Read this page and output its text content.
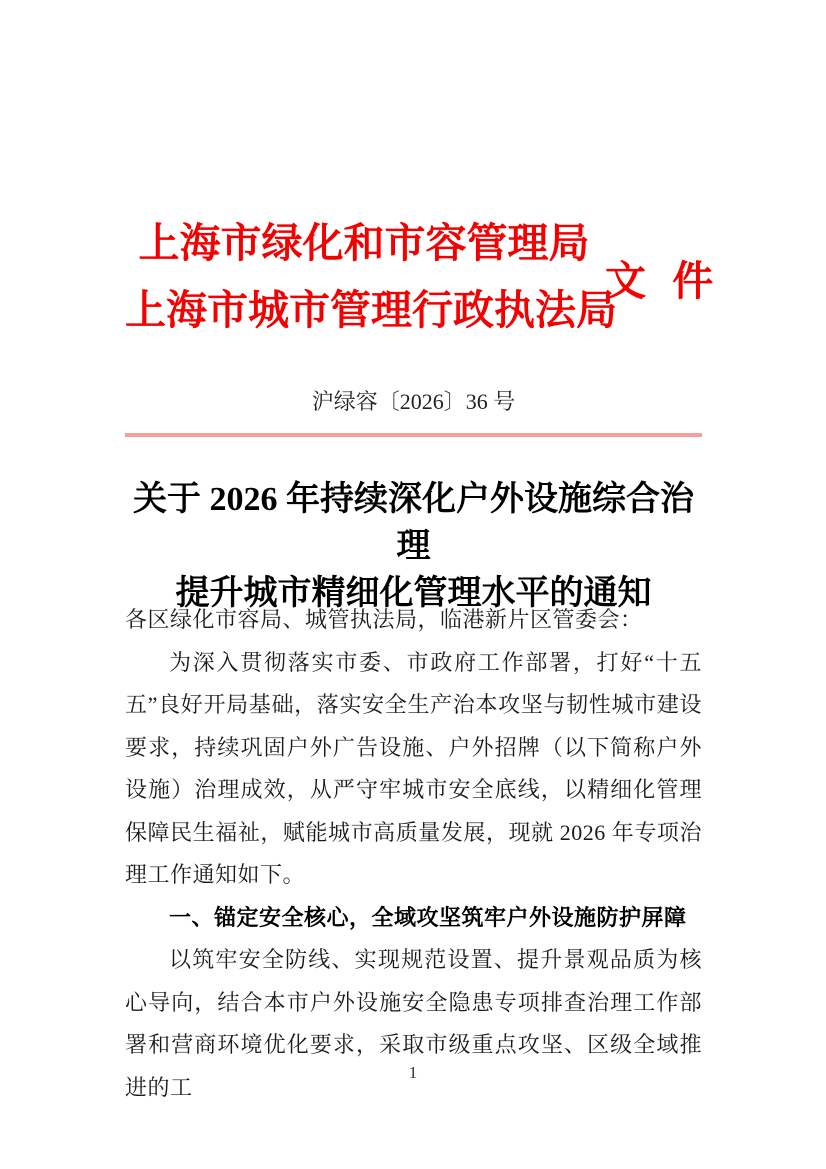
上海市绿化和市容管理局
上海市城市管理行政执法局
文 件
沪绿容〔2026〕36 号
关于 2026 年持续深化户外设施综合治理
提升城市精细化管理水平的通知

各区绿化市容局、城管执法局，临港新片区管委会：

为深入贯彻落实市委、市政府工作部署，打好“十五五”良好开局基础，落实安全生产治本攻坚与韧性城市建设要求，持续巩固户外广告设施、户外招牌（以下简称户外设施）治理成效，从严守牢城市安全底线，以精细化管理保障民生福祉，赋能城市高质量发展，现就 2026 年专项治理工作通知如下。

一、锚定安全核心，全域攻坚筑牢户外设施防护屏障

以筑牢安全防线、实现规范设置、提升景观品质为核心导向，结合本市户外设施安全隐患专项排查治理工作部署和营商环境优化要求，采取市级重点攻坚、区级全域推进的工

1
